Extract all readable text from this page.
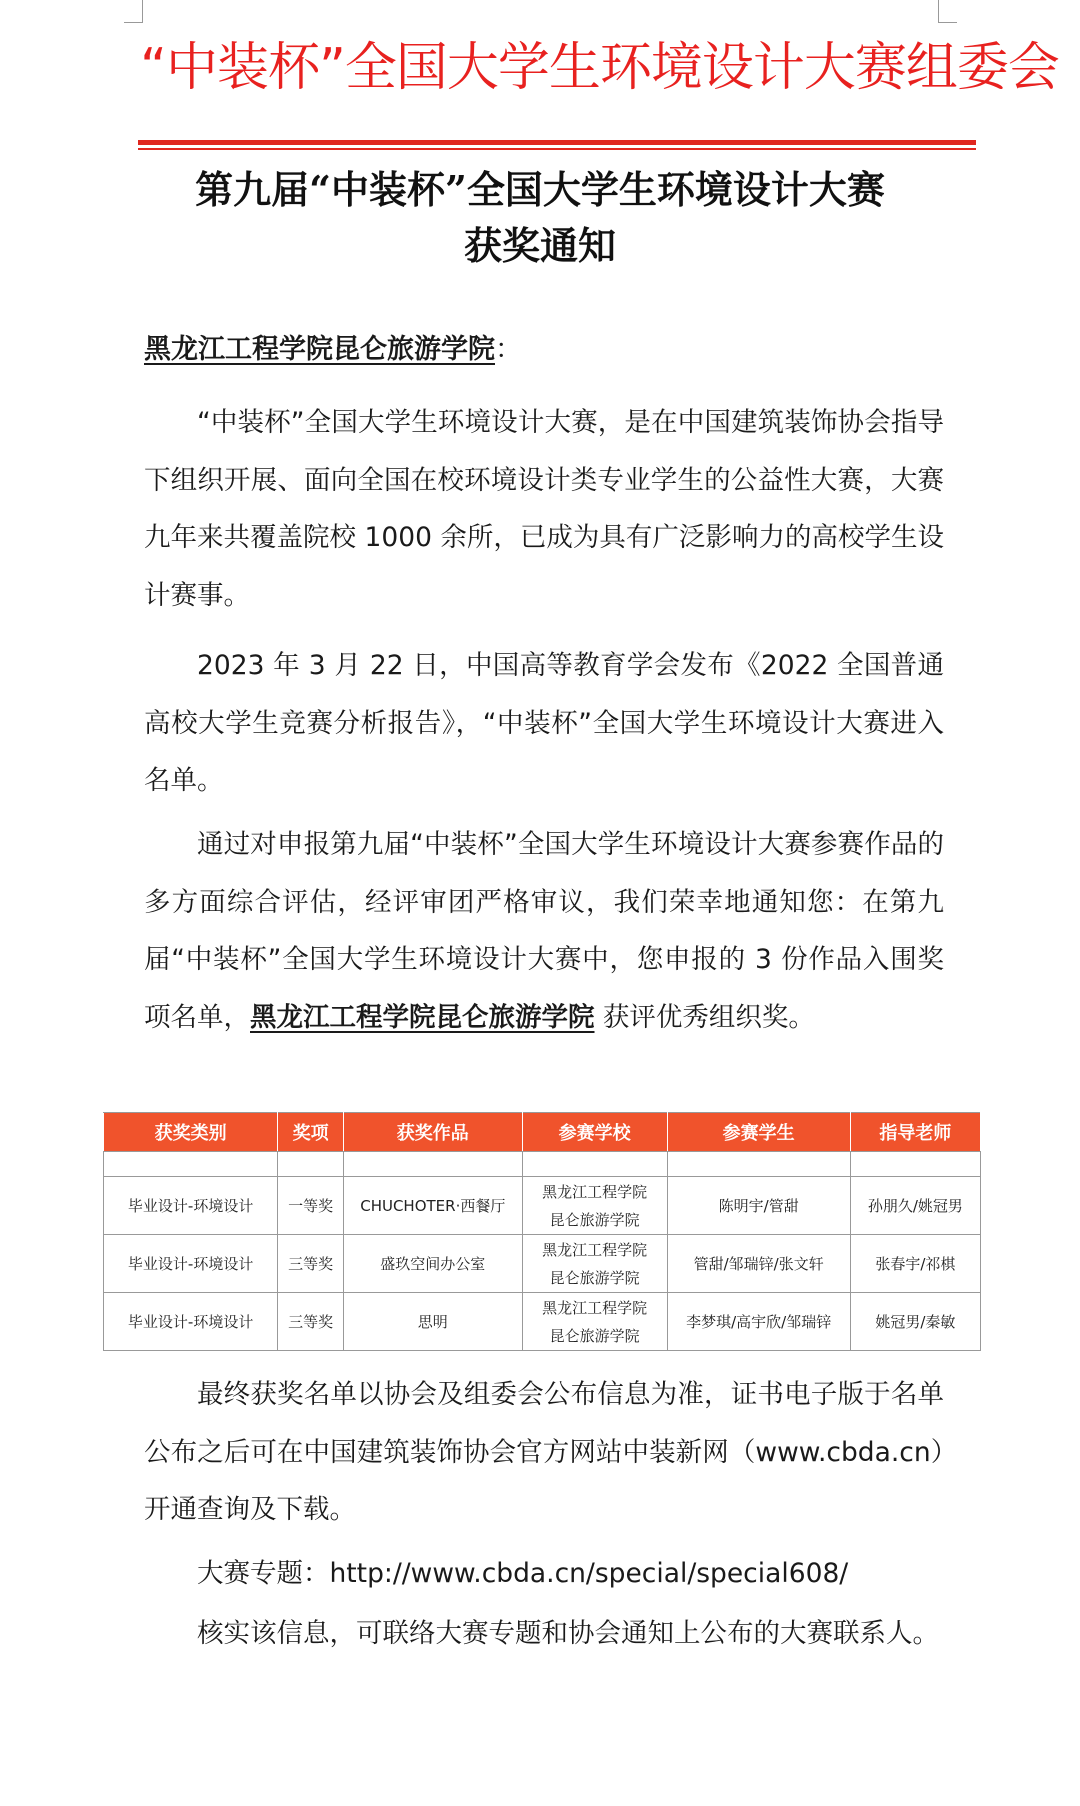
“中装杯”全国大学生环境设计大赛组委会
第九届“中装杯”全国大学生环境设计大赛
获奖通知
黑龙江工程学院昆仑旅游学院：

“中装杯”全国大学生环境设计大赛，是在中国建筑装饰协会指导下组织开展、面向全国在校环境设计类专业学生的公益性大赛，大赛九年来共覆盖院校 1000 余所，已成为具有广泛影响力的高校学生设计赛事。

2023 年 3 月 22 日，中国高等教育学会发布《2022 全国普通高校大学生竞赛分析报告》，“中装杯”全国大学生环境设计大赛进入名单。

通过对申报第九届“中装杯”全国大学生环境设计大赛参赛作品的多方面综合评估，经评审团严格审议，我们荣幸地通知您：在第九届“中装杯”全国大学生环境设计大赛中，您申报的 3 份作品入围奖项名单，黑龙江工程学院昆仑旅游学院 获评优秀组织奖。

获奖类别	奖项	获奖作品	参赛学校	参赛学生	指导老师

毕业设计-环境设计	一等奖	CHUCHOTER·西餐厅	黑龙江工程学院
昆仑旅游学院	陈明宇/管甜	孙朋久/姚冠男
毕业设计-环境设计	三等奖	盛玖空间办公室	黑龙江工程学院
昆仑旅游学院	管甜/邹瑞锌/张文轩	张春宇/祁棋
毕业设计-环境设计	三等奖	思明	黑龙江工程学院
昆仑旅游学院	李梦琪/高宇欣/邹瑞锌	姚冠男/秦敏

最终获奖名单以协会及组委会公布信息为准，证书电子版于名单公布之后可在中国建筑装饰协会官方网站中装新网（www.cbda.cn）开通查询及下载。

大赛专题：http://www.cbda.cn/special/special608/

核实该信息，可联络大赛专题和协会通知上公布的大赛联系人。
